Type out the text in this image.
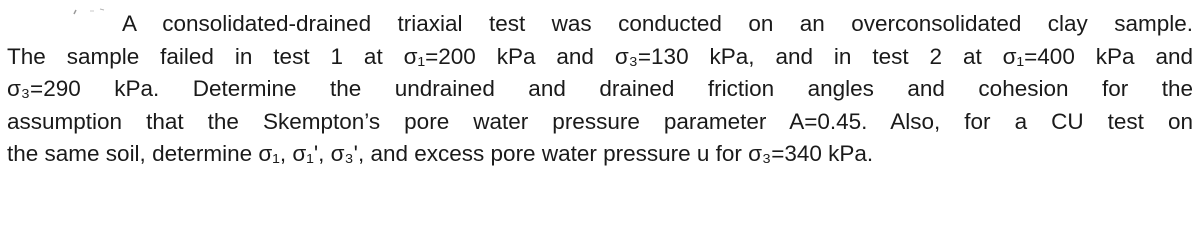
A consolidated-drained triaxial test was conducted on an overconsolidated clay sample.
The sample failed in test 1 at σ₁=200 kPa and σ₃=130 kPa, and in test 2 at σ₁=400 kPa and
σ₃=290 kPa. Determine the undrained and drained friction angles and cohesion for the
assumption that the Skempton’s pore water pressure parameter A=0.45. Also, for a CU test on
the same soil, determine σ₁, σ₁', σ₃', and excess pore water pressure u for σ₃=340 kPa.
